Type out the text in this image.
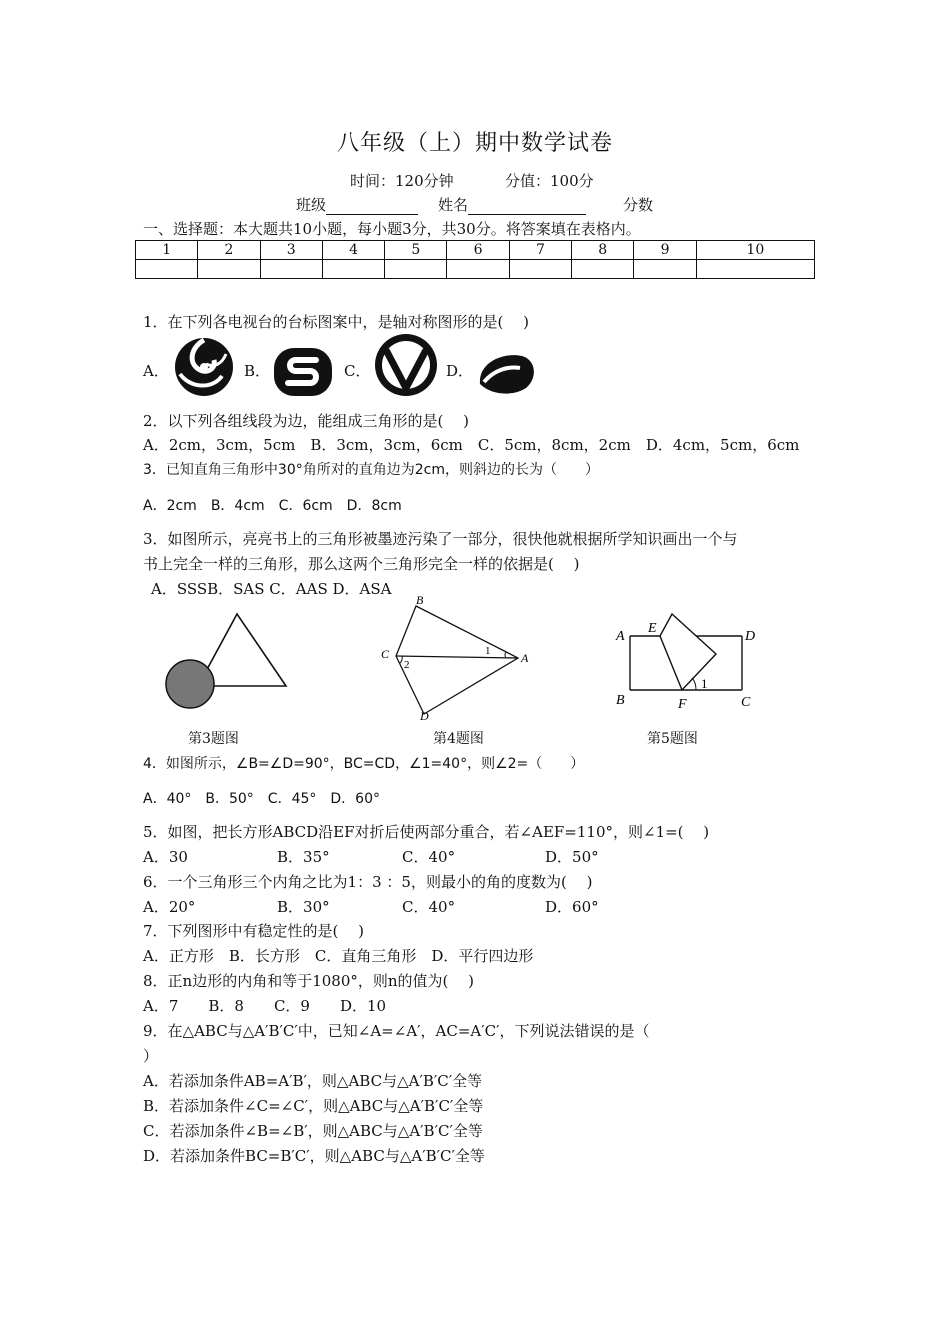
八年级（上）期中数学试卷
时间：120分钟	分值：100分
班级	姓名	分数
一、选择题：本大题共10小题，每小题3分，共30分。将答案填在表格内。
1	2	3	4	5	6	7	8	9	10

1．在下列各电视台的台标图案中，是轴对称图形的是(　 )
A．	B．	C．	D．
2．以下列各组线段为边，能组成三角形的是(　 )
A．2cm，3cm，5cm　B．3cm，3cm，6cm　C．5cm，8cm，2cm　D．4cm，5cm，6cm
3．已知直角三角形中30°角所对的直角边为2cm，则斜边的长为（　　）
A．2cm　B．4cm　C．6cm　D．8cm
3．如图所示，亮亮书上的三角形被墨迹污染了一部分，很快他就根据所学知识画出一个与
书上完全一样的三角形，那么这两个三角形完全一样的依据是(　 )
A．SSSB．SAS C．AAS D．ASA
B
C	A
D
1
2
A
E
D
B	F	C
1
第3题图	第4题图	第5题图
4．如图所示，∠B=∠D=90°，BC=CD，∠1=40°，则∠2=（　　）
A．40°　B．50°　C．45°　D．60°
5．如图，把长方形ABCD沿EF对折后使两部分重合，若∠AEF=110°，则∠1=(　 )
A．30	B．35°	C．40°	D．50°
6．一个三角形三个内角之比为1：3 ：5，则最小的角的度数为(　 )
A．20°	B．30°	C．40°	D．60°
7．下列图形中有稳定性的是(　 )
A．正方形　B．长方形　C．直角三角形　D．平行四边形
8．正n边形的内角和等于1080°，则n的值为(　 )
A．7　　B．8　　C．9　　D．10
9．在△ABC与△A′B′C′中，已知∠A=∠A′，AC=A′C′，下列说法错误的是（
）
A．若添加条件AB=A′B′，则△ABC与△A′B′C′全等
B．若添加条件∠C=∠C′，则△ABC与△A′B′C′全等
C．若添加条件∠B=∠B′，则△ABC与△A′B′C′全等
D．若添加条件BC=B′C′，则△ABC与△A′B′C′全等
